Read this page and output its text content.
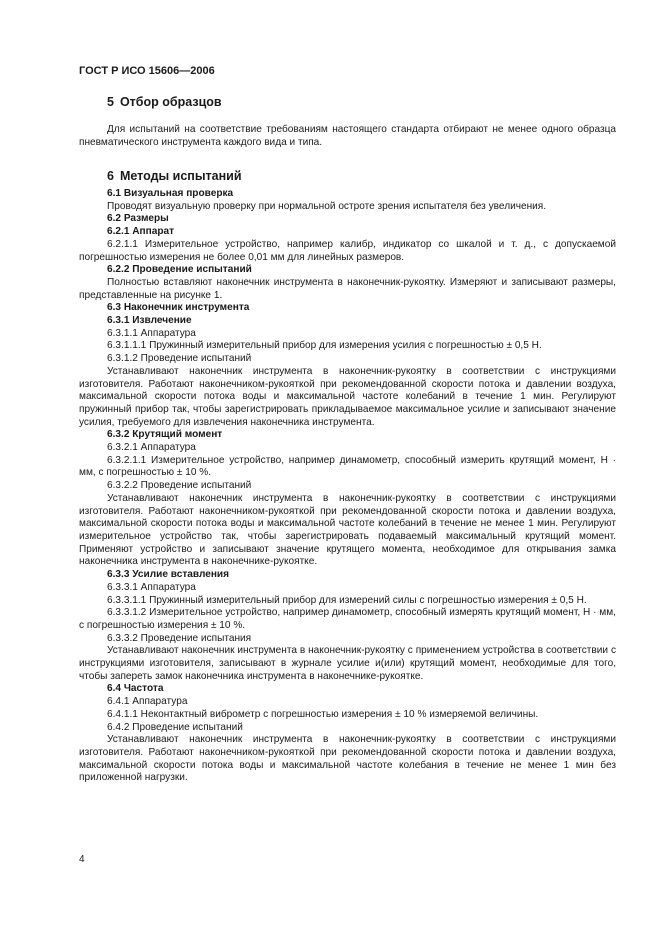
ГОСТ Р ИСО 15606—2006
5 Отбор образцов

Для испытаний на соответствие требованиям настоящего стандарта отбирают не менее одного образца пневматического инструмента каждого вида и типа.

6 Методы испытаний

6.1 Визуальная проверка

Проводят визуальную проверку при нормальной остроте зрения испытателя без увеличения.

6.2 Размеры

6.2.1 Аппарат

6.2.1.1 Измерительное устройство, например калибр, индикатор со шкалой и т. д., с допускаемой погрешностью измерения не более 0,01 мм для линейных размеров.

6.2.2 Проведение испытаний

Полностью вставляют наконечник инструмента в наконечник-рукоятку. Измеряют и записывают размеры, представленные на рисунке 1.

6.3 Наконечник инструмента

6.3.1 Извлечение

6.3.1.1 Аппаратура

6.3.1.1.1 Пружинный измерительный прибор для измерения усилия с погрешностью ± 0,5 Н.

6.3.1.2 Проведение испытаний

Устанавливают наконечник инструмента в наконечник-рукоятку в соответствии с инструкциями изготовителя. Работают наконечником-рукояткой при рекомендованной скорости потока и давлении воздуха, максимальной скорости потока воды и максимальной частоте колебаний в течение 1 мин. Регулируют пружинный прибор так, чтобы зарегистрировать прикладываемое максимальное усилие и записывают значение усилия, требуемого для извлечения наконечника инструмента.

6.3.2 Крутящий момент

6.3.2.1 Аппаратура

6.3.2.1.1 Измерительное устройство, например динамометр, способный измерить крутящий момент, Н · мм, с погрешностью ± 10 %.

6.3.2.2 Проведение испытаний

Устанавливают наконечник инструмента в наконечник-рукоятку в соответствии с инструкциями изготовителя. Работают наконечником-рукояткой при рекомендованной скорости потока и давлении воздуха, максимальной скорости потока воды и максимальной частоте колебаний в течение не менее 1 мин. Регулируют измерительное устройство так, чтобы зарегистрировать подаваемый максимальный крутящий момент. Применяют устройство и записывают значение крутящего момента, необходимое для открывания замка наконечника инструмента в наконечнике-рукоятке.

6.3.3 Усилие вставления

6.3.3.1 Аппаратура

6.3.3.1.1 Пружинный измерительный прибор для измерений силы с погрешностью измерения ± 0,5 Н.

6.3.3.1.2 Измерительное устройство, например динамометр, способный измерять крутящий момент, Н · мм, с погрешностью измерения ± 10 %.

6.3.3.2 Проведение испытания

Устанавливают наконечник инструмента в наконечник-рукоятку с применением устройства в соответствии с инструкциями изготовителя, записывают в журнале усилие и(или) крутящий момент, необходимые для того, чтобы запереть замок наконечника инструмента в наконечнике-рукоятке.

6.4 Частота

6.4.1 Аппаратура

6.4.1.1 Неконтактный виброметр с погрешностью измерения ± 10 % измеряемой величины.

6.4.2 Проведение испытаний

Устанавливают наконечник инструмента в наконечник-рукоятку в соответствии с инструкциями изготовителя. Работают наконечником-рукояткой при рекомендованной скорости потока и давлении воздуха, максимальной скорости потока воды и максимальной частоте колебания в течение не менее 1 мин без приложенной нагрузки.

4
